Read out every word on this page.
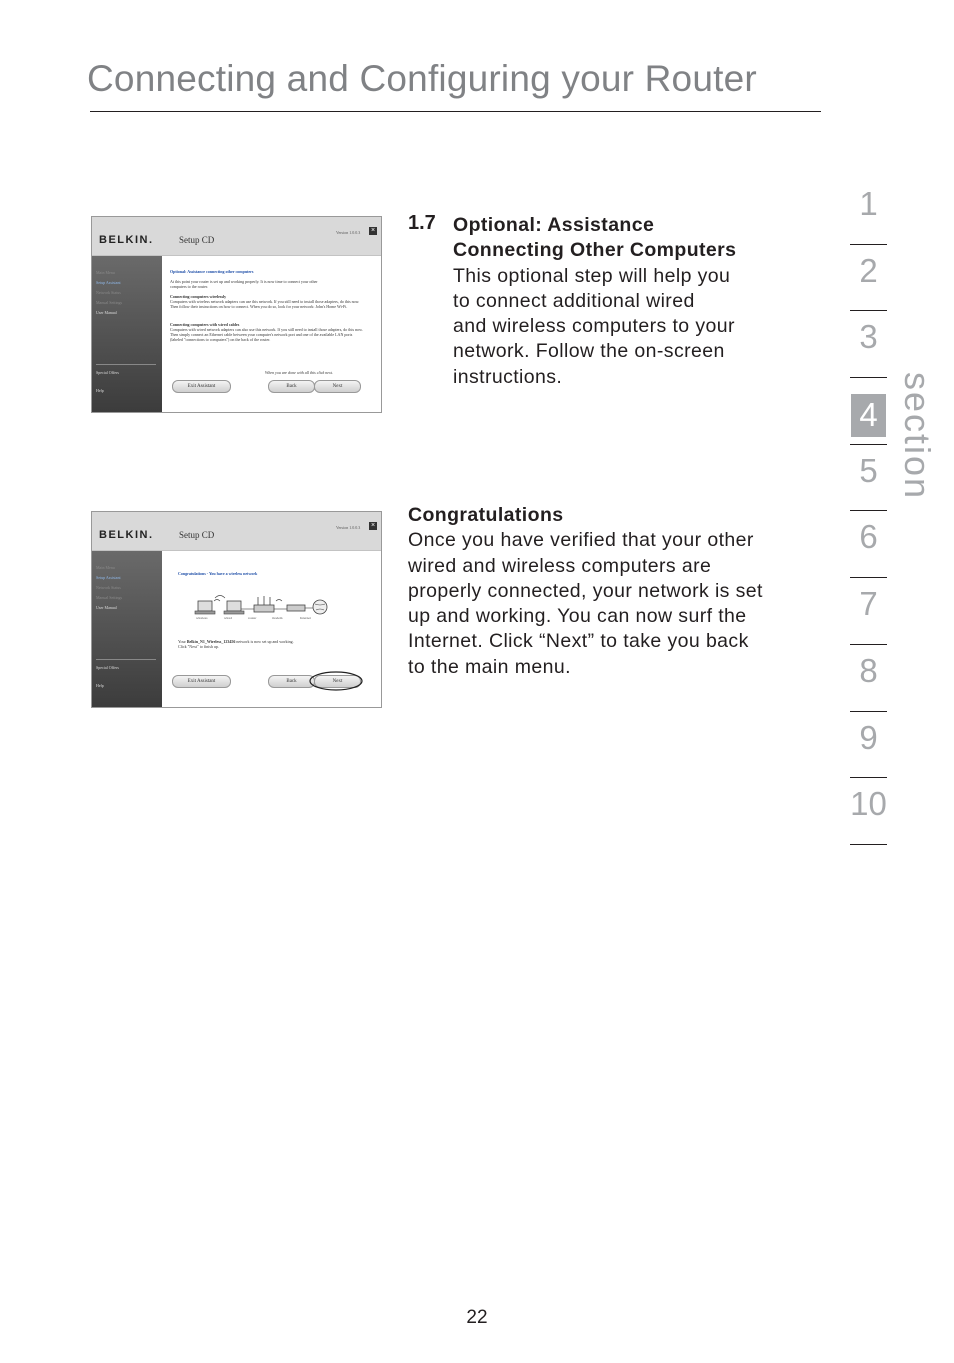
Connecting and Configuring your Router
1
2
3
4
5
6
7
8
9
10
section
1.7 Optional: Assistance
Connecting Other Computers
This optional step will help you
to connect additional wired
and wireless computers to your
network. Follow the on-screen
instructions.
Congratulations
Once you have verified that your other
wired and wireless computers are
properly connected, your network is set
up and working. You can now surf the
Internet. Click “Next” to take you back
to the main menu.
BELKIN.	Setup CD
Version 1.0.0.3 ×
Main Menu
Setup Assistant
Network Status
Manual Settings
User Manual
Special Offers
Help
Optional: Assistance connecting other computers
At this point your router is set up and working properly. It is now time to connect your other computers to the router.
Connecting computers wirelessly
Computers with wireless network adapters can use this network. If you still need to install those adapters, do this now. Then follow their instructions on how to connect. When you do so, look for your network: John's Home Wi-Fi.
Connecting computers with wired cables
Computers with wired network adapters can also use this network. If you still need to install those adapters, do this now. Then simply connect an Ethernet cable between your computer's network port and one of the available LAN ports (labeled "connections to computers") on the back of the router.
When you are done with all this click next.
Exit Assistant	Back	Next
BELKIN.	Setup CD
Version 1.0.0.3 ×
Main Menu
Setup Assistant
Network Status
Manual Settings
User Manual
Special Offers
Help
Congratulations - You have a wireless network
wireless	wired	router	modem	Internet
Your Belkin_N1_Wireless_123456 network is now set up and working.
Click "Next" to finish up.
Exit Assistant	Back	Next
22
